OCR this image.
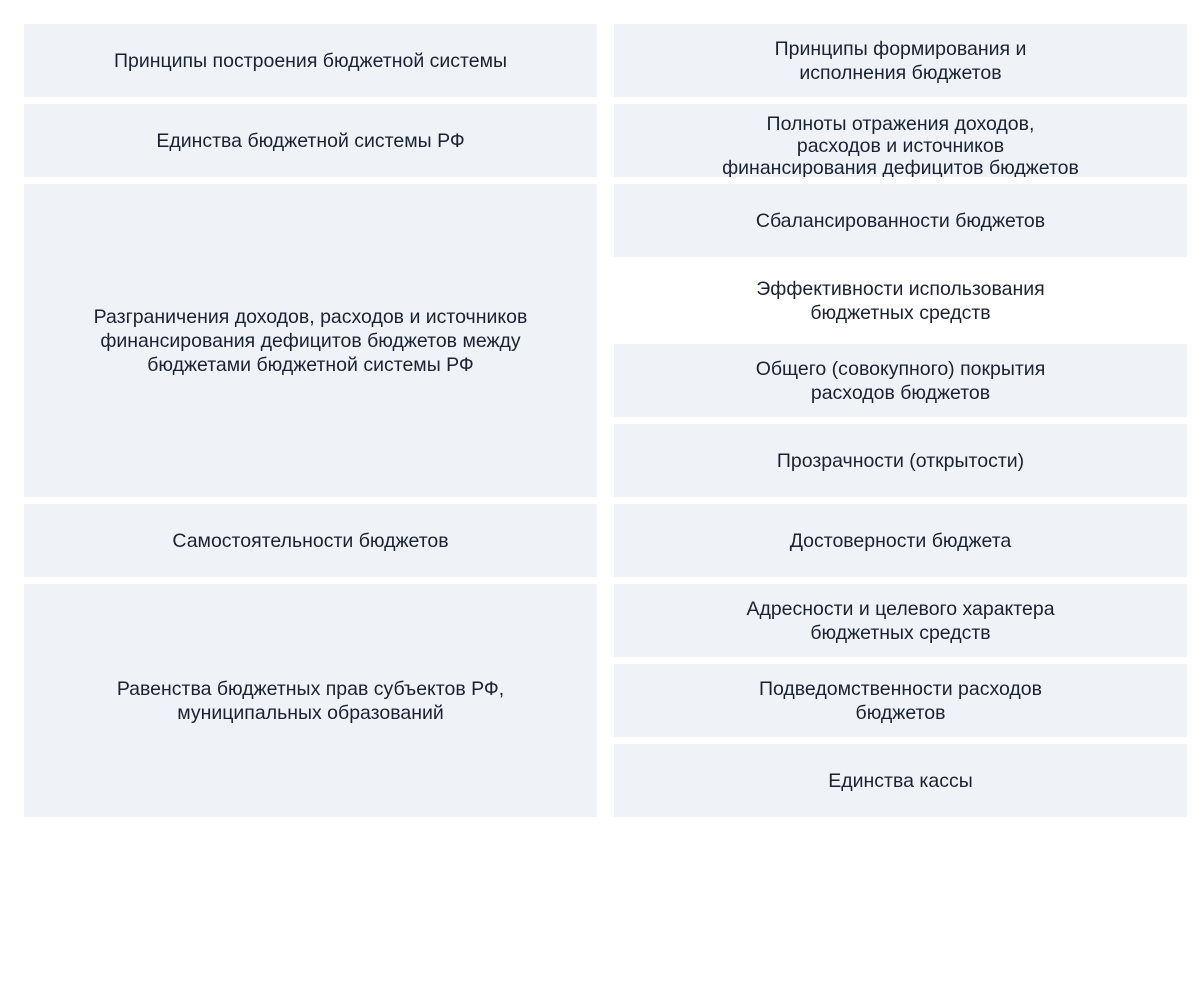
Принципы построения бюджетной системы
Единства бюджетной системы РФ
Разграничения доходов, расходов и источников
финансирования дефицитов бюджетов между
бюджетами бюджетной системы РФ
Самостоятельности бюджетов
Равенства бюджетных прав субъектов РФ,
муниципальных образований
Принципы формирования и
исполнения бюджетов
Полноты отражения доходов,
расходов и источников
финансирования дефицитов бюджетов
Сбалансированности бюджетов
Эффективности использования
бюджетных средств
Общего (совокупного) покрытия
расходов бюджетов
Прозрачности (открытости)
Достоверности бюджета
Адресности и целевого характера
бюджетных средств
Подведомственности расходов
бюджетов
Единства кассы
